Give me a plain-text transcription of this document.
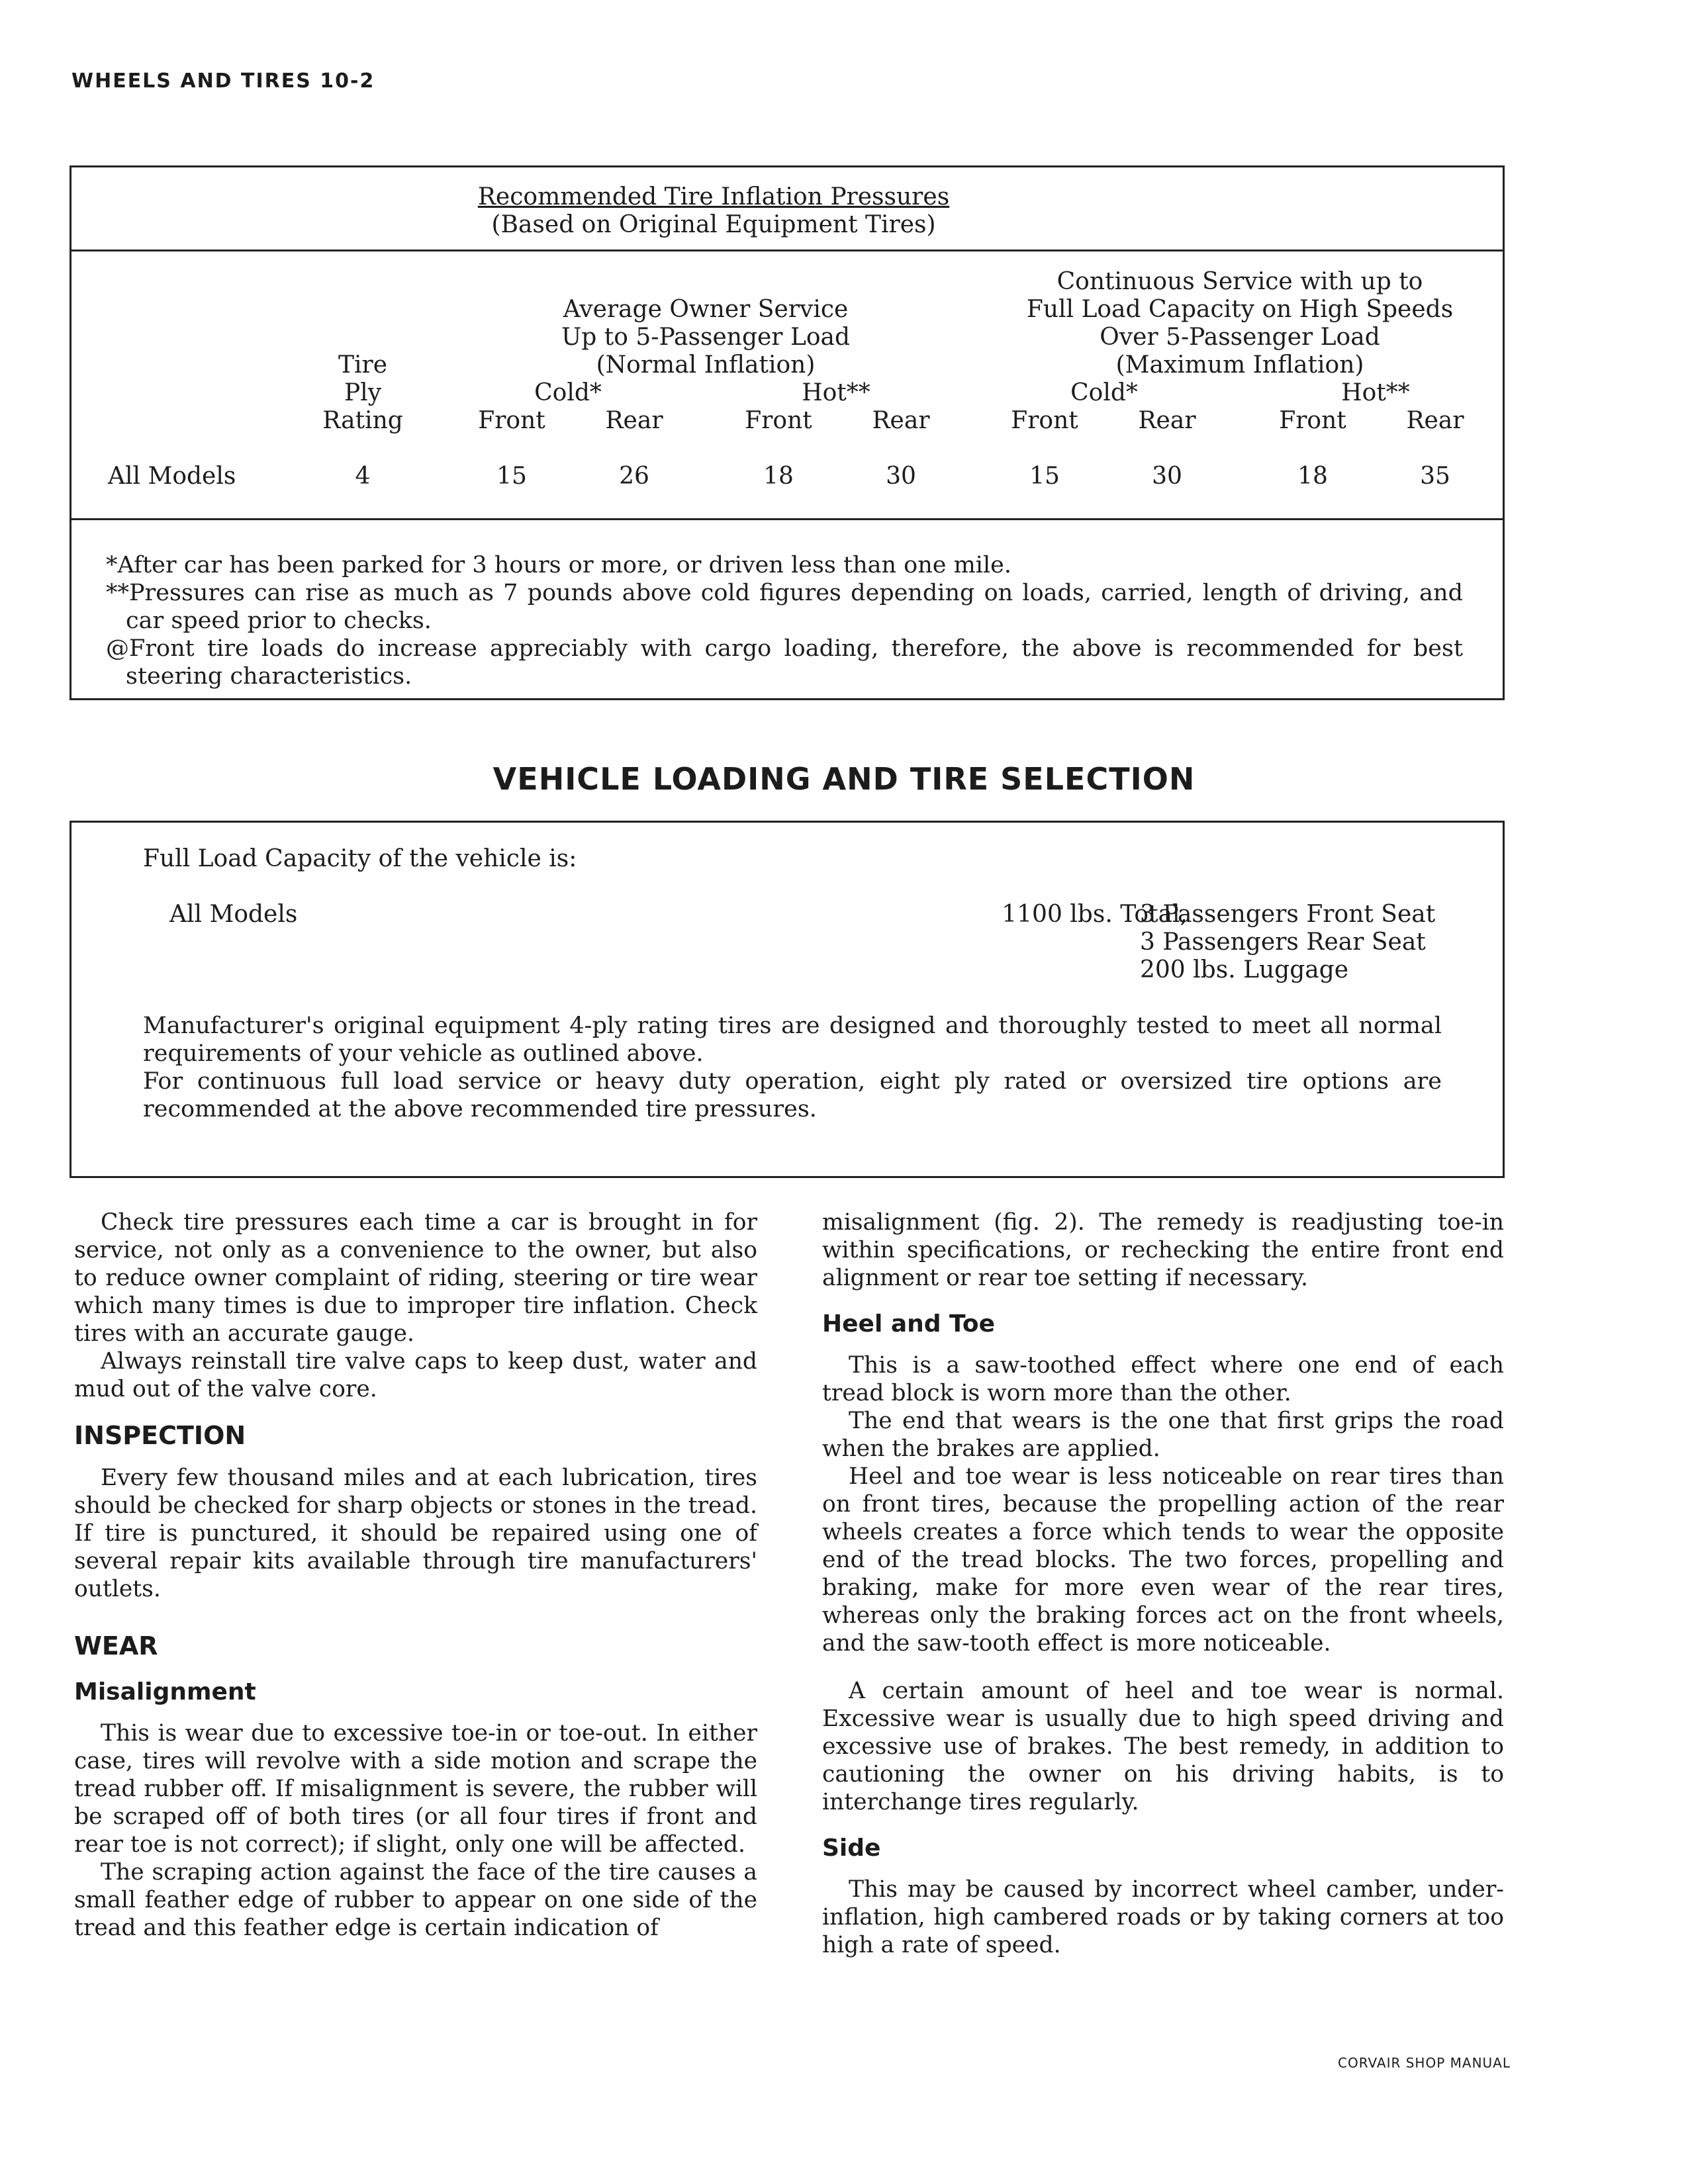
WHEELS AND TIRES 10-2
Recommended Tire Inflation Pressures
(Based on Original Equipment Tires)
Average Owner Service
Up to 5-Passenger Load
(Normal Inflation)
Continuous Service with up to
Full Load Capacity on High Speeds
Over 5-Passenger Load
(Maximum Inflation)
Tire
Ply
Rating
Cold*	Hot**	Cold*	Hot**
Front	Rear	Front	Rear	Front	Rear	Front	Rear
All Models	4	15	26	18	30	15	30	18	35
*After car has been parked for 3 hours or more, or driven less than one mile.
**Pressures can rise as much as 7 pounds above cold figures depending on loads, carried, length of driving, and car speed prior to checks.
@Front tire loads do increase appreciably with cargo loading, therefore, the above is recommended for best steering characteristics.
VEHICLE LOADING AND TIRE SELECTION
Full Load Capacity of the vehicle is:
All Models	1100 lbs. Total,
3 Passengers Front Seat
3 Passengers Rear Seat
200 lbs. Luggage
Manufacturer's original equipment 4-ply rating tires are designed and thoroughly tested to meet all normal requirements of your vehicle as outlined above.
For continuous full load service or heavy duty operation, eight ply rated or oversized tire options are recommended at the above recommended tire pressures.

Check tire pressures each time a car is brought in for service, not only as a convenience to the owner, but also to reduce owner complaint of riding, steering or tire wear which many times is due to improper tire inflation. Check tires with an accurate gauge.

Always reinstall tire valve caps to keep dust, water and mud out of the valve core.

INSPECTION

Every few thousand miles and at each lubrication, tires should be checked for sharp objects or stones in the tread. If tire is punctured, it should be repaired using one of several repair kits available through tire manufacturers' outlets.

WEAR
Misalignment

This is wear due to excessive toe-in or toe-out. In either case, tires will revolve with a side motion and scrape the tread rubber off. If misalignment is severe, the rubber will be scraped off of both tires (or all four tires if front and rear toe is not correct); if slight, only one will be affected.

The scraping action against the face of the tire causes a small feather edge of rubber to appear on one side of the tread and this feather edge is certain indication of

misalignment (fig. 2). The remedy is readjusting toe-in within specifications, or rechecking the entire front end alignment or rear toe setting if necessary.

Heel and Toe

This is a saw-toothed effect where one end of each tread block is worn more than the other.

The end that wears is the one that first grips the road when the brakes are applied.

Heel and toe wear is less noticeable on rear tires than on front tires, because the propelling action of the rear wheels creates a force which tends to wear the opposite end of the tread blocks. The two forces, propelling and braking, make for more even wear of the rear tires, whereas only the braking forces act on the front wheels, and the saw-tooth effect is more noticeable.

A certain amount of heel and toe wear is normal. Excessive wear is usually due to high speed driving and excessive use of brakes. The best remedy, in addition to cautioning the owner on his driving habits, is to interchange tires regularly.

Side

This may be caused by incorrect wheel camber, under-inflation, high cambered roads or by taking corners at too high a rate of speed.

CORVAIR SHOP MANUAL
